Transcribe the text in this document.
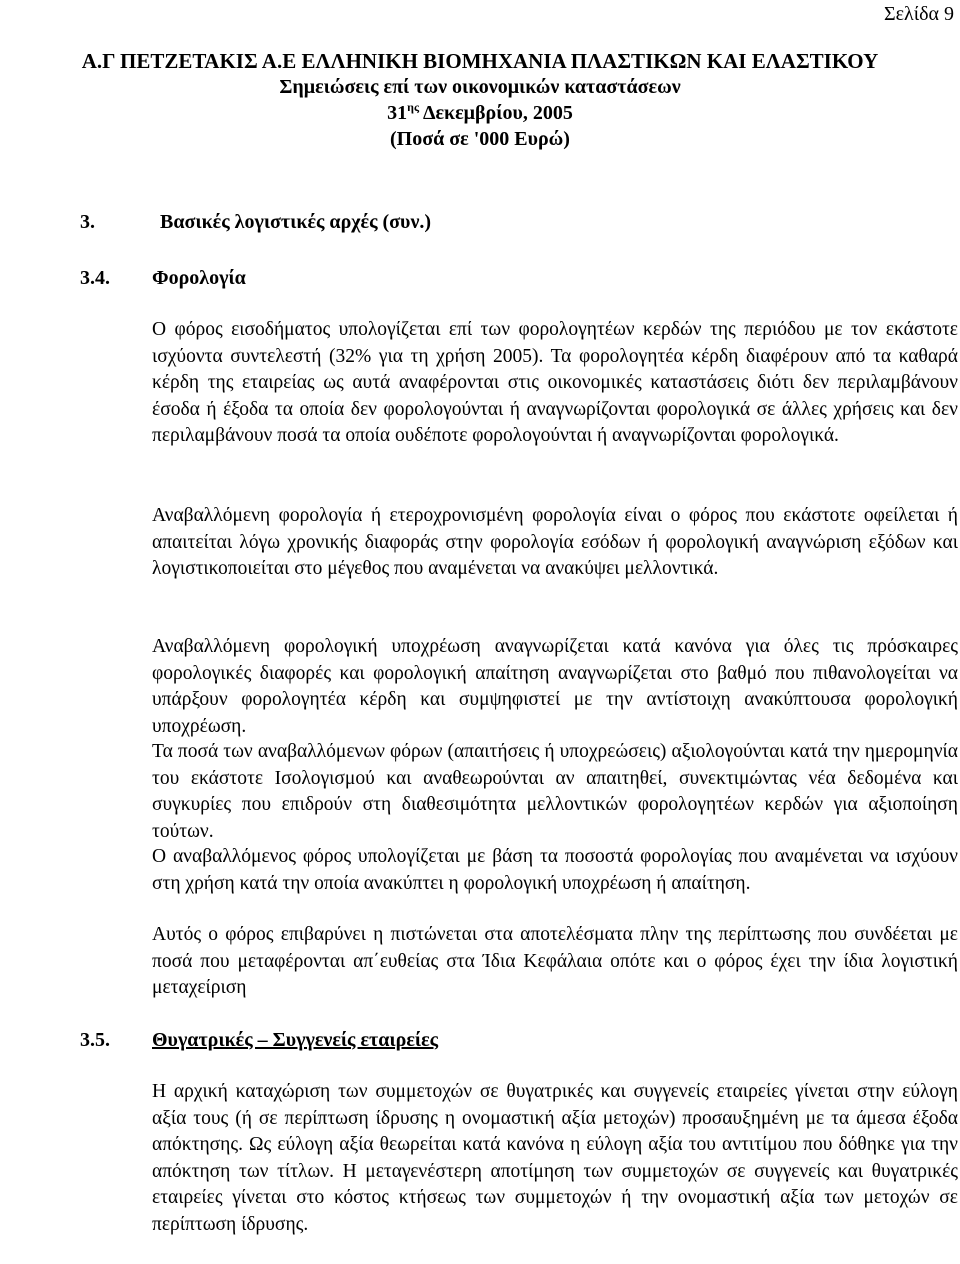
Σελίδα 9
Α.Γ ΠΕΤΖΕΤΑΚΙΣ Α.Ε ΕΛΛΗΝΙΚΗ ΒΙΟΜΗΧΑΝΙΑ ΠΛΑΣΤΙΚΩΝ ΚΑΙ ΕΛΑΣΤΙΚΟΥ
Σημειώσεις επί των οικονομικών καταστάσεων
$31^{\eta\varsigma}$ Δεκεμβρίου, 2005
(Ποσά σε '000 Ευρώ)
3.	Βασικές λογιστικές αρχές (συν.)
3.4. Φορολογία

Ο φόρος εισοδήματος υπολογίζεται επί των φορολογητέων κερδών της περιόδου με τον εκάστοτε ισχύοντα συντελεστή (32% για τη χρήση 2005). Τα φορολογητέα κέρδη διαφέρουν από τα καθαρά κέρδη της εταιρείας ως αυτά αναφέρονται στις οικονομικές καταστάσεις διότι δεν περιλαμβάνουν έσοδα ή έξοδα τα οποία δεν φορολογούνται ή αναγνωρίζονται φορολογικά σε άλλες χρήσεις και δεν περιλαμβάνουν ποσά τα οποία ουδέποτε φορολογούνται ή αναγνωρίζονται φορολογικά.

Αναβαλλόμενη φορολογία ή ετεροχρονισμένη φορολογία είναι ο φόρος που εκάστοτε οφείλεται ή απαιτείται λόγω χρονικής διαφοράς στην φορολογία εσόδων ή φορολογική αναγνώριση εξόδων και λογιστικοποιείται στο μέγεθος που αναμένεται να ανακύψει μελλοντικά.

Αναβαλλόμενη φορολογική υποχρέωση αναγνωρίζεται κατά κανόνα για όλες τις πρόσκαιρες φορολογικές διαφορές και φορολογική απαίτηση αναγνωρίζεται στο βαθμό που πιθανολογείται να υπάρξουν φορολογητέα κέρδη και συμψηφιστεί με την αντίστοιχη ανακύπτουσα φορολογική υποχρέωση.

Τα ποσά των αναβαλλόμενων φόρων (απαιτήσεις ή υποχρεώσεις) αξιολογούνται κατά την ημερομηνία του εκάστοτε Ισολογισμού και αναθεωρούνται αν απαιτηθεί, συνεκτιμώντας νέα δεδομένα και συγκυρίες που επιδρούν στη διαθεσιμότητα μελλοντικών φορολογητέων κερδών για αξιοποίηση τούτων.

Ο αναβαλλόμενος φόρος υπολογίζεται με βάση τα ποσοστά φορολογίας που αναμένεται να ισχύουν στη χρήση κατά την οποία ανακύπτει η φορολογική υποχρέωση ή απαίτηση.

Αυτός ο φόρος επιβαρύνει η πιστώνεται στα αποτελέσματα πλην της περίπτωσης που συνδέεται με ποσά που μεταφέρονται απ΄ευθείας στα Ίδια Κεφάλαια οπότε και ο φόρος έχει την ίδια λογιστική μεταχείριση

3.5. Θυγατρικές – Συγγενείς εταιρείες

Η αρχική καταχώριση των συμμετοχών σε θυγατρικές και συγγενείς εταιρείες γίνεται στην εύλογη αξία τους (ή σε περίπτωση ίδρυσης η ονομαστική αξία μετοχών) προσαυξημένη με τα άμεσα έξοδα απόκτησης. Ως εύλογη αξία θεωρείται κατά κανόνα η εύλογη αξία του αντιτίμου που δόθηκε για την απόκτηση των τίτλων. Η μεταγενέστερη αποτίμηση των συμμετοχών σε συγγενείς και θυγατρικές εταιρείες γίνεται στο κόστος κτήσεως των συμμετοχών ή την ονομαστική αξία των μετοχών σε περίπτωση ίδρυσης.
